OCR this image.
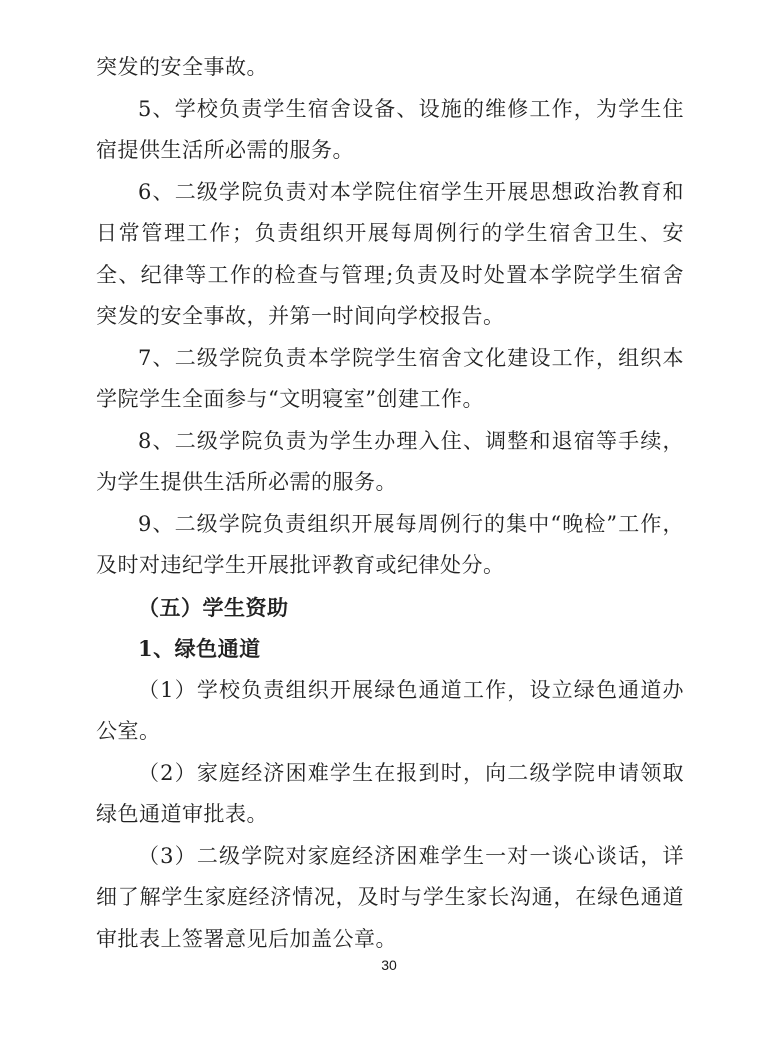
突发的安全事故。

5、学校负责学生宿舍设备、设施的维修工作，为学生住宿提供生活所必需的服务。

6、二级学院负责对本学院住宿学生开展思想政治教育和日常管理工作；负责组织开展每周例行的学生宿舍卫生、安全、纪律等工作的检查与管理;负责及时处置本学院学生宿舍突发的安全事故，并第一时间向学校报告。

7、二级学院负责本学院学生宿舍文化建设工作，组织本学院学生全面参与“文明寝室”创建工作。

8、二级学院负责为学生办理入住、调整和退宿等手续，为学生提供生活所必需的服务。

9、二级学院负责组织开展每周例行的集中“晚检”工作，及时对违纪学生开展批评教育或纪律处分。

（五）学生资助

1、绿色通道

（1）学校负责组织开展绿色通道工作，设立绿色通道办公室。

（2）家庭经济困难学生在报到时，向二级学院申请领取绿色通道审批表。

（3）二级学院对家庭经济困难学生一对一谈心谈话，详细了解学生家庭经济情况，及时与学生家长沟通，在绿色通道审批表上签署意见后加盖公章。

30
